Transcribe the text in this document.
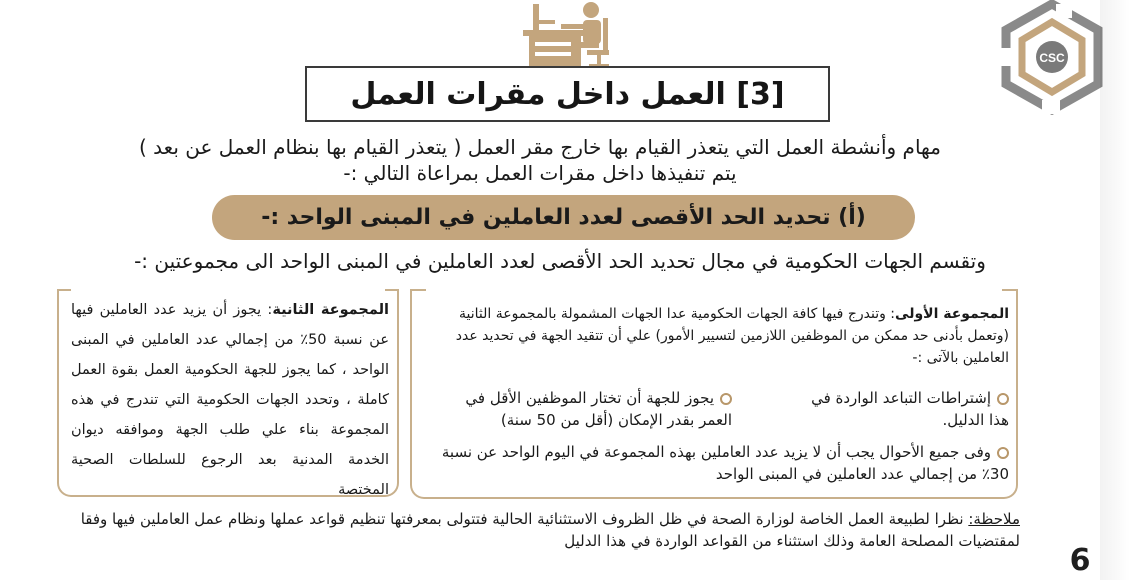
CSC
[3] العمل داخل مقرات العمل
مهام وأنشطة العمل التي يتعذر القيام بها خارج مقر العمل ( يتعذر القيام بها بنظام العمل عن بعد )
يتم تنفيذها داخل مقرات العمل بمراعاة التالي :-
(أ) تحديد الحد الأقصى لعدد العاملين في المبنى الواحد :-
وتقسم الجهات الحكومية في مجال تحديد الحد الأقصى لعدد العاملين في المبنى الواحد الى مجموعتين :-
المجموعة الثانية: يجوز أن يزيد عدد العاملين فيها عن نسبة 50٪ من إجمالي عدد العاملين في المبنى الواحد ، كما يجوز للجهة الحكومية العمل بقوة العمل كاملة ، وتحدد الجهات الحكومية التي تندرج في هذه المجموعة بناء علي طلب الجهة وموافقه ديوان الخدمة المدنية بعد الرجوع للسلطات الصحية المختصة
المجموعة الأولى: وتندرج فيها كافة الجهات الحكومية عدا الجهات المشمولة بالمجموعة الثانية (وتعمل بأدنى حد ممكن من الموظفين اللازمين لتسيير الأمور) علي أن تتقيد الجهة في تحديد عدد العاملين بالآتى :-
إشتراطات التباعد الواردة في هذا الدليل.
يجوز للجهة أن تختار الموظفين الأقل في العمر بقدر الإمكان (أقل من 50 سنة)
وفى جميع الأحوال يجب أن لا يزيد عدد العاملين بهذه المجموعة في اليوم الواحد عن نسبة 30٪ من إجمالي عدد العاملين في المبنى الواحد
ملاحظة: نظرا لطبيعة العمل الخاصة لوزارة الصحة في ظل الظروف الاستثنائية الحالية فتتولى بمعرفتها تنظيم قواعد عملها ونظام عمل العاملين فيها وفقا لمقتضيات المصلحة العامة وذلك استثناء من القواعد الواردة في هذا الدليل
6
